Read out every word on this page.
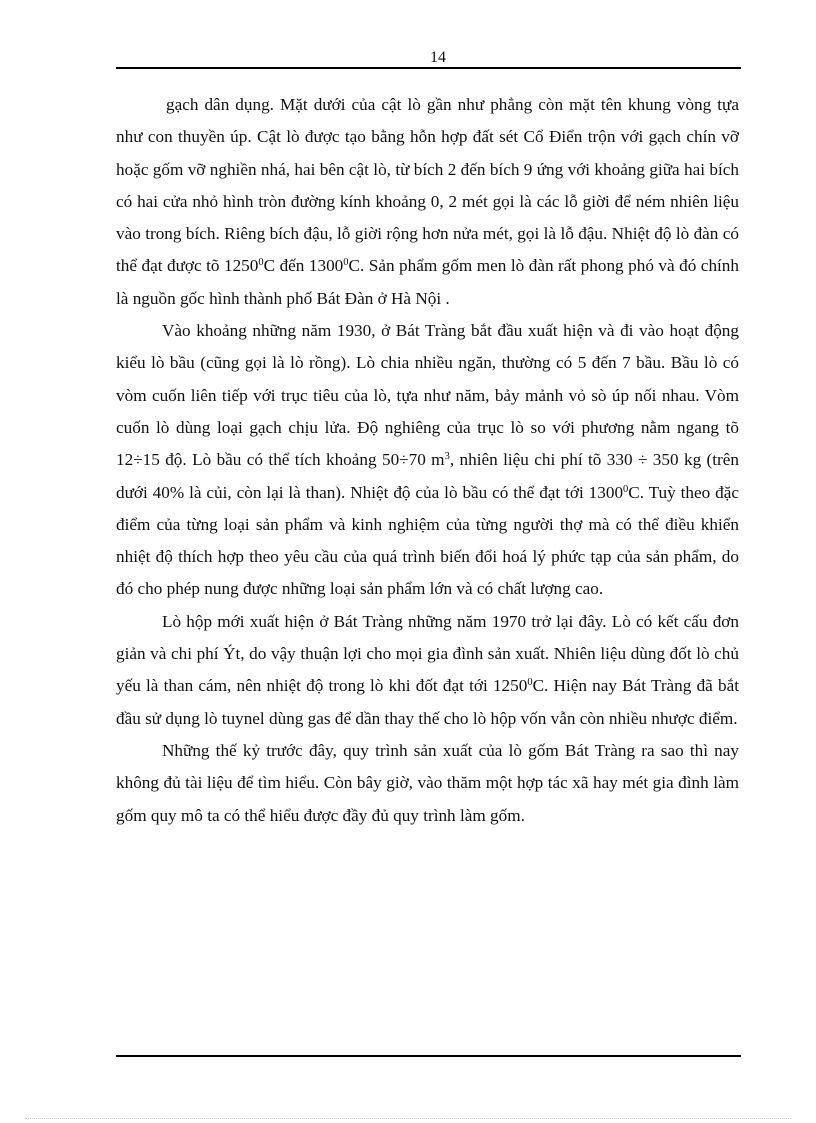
14

gạch dân dụng. Mặt dưới của cật lò gần như phẳng còn mặt tên khung vòng tựa như con thuyền úp. Cật lò được tạo bằng hỗn hợp đất sét Cổ Điển trộn với gạch chín vỡ hoặc gốm vỡ nghiền nhá, hai bên cật lò, từ bích 2 đến bích 9 ứng với khoảng giữa hai bích có hai cửa nhỏ hình tròn đường kính khoảng 0, 2 mét gọi là các lỗ giời để ném nhiên liệu vào trong bích. Riêng bích đậu, lỗ giời rộng hơn nửa mét, gọi là lỗ đậu. Nhiệt độ lò đàn có thể đạt được tõ 1250$^0$C đến 1300$^0$C. Sản phẩm gốm men lò đàn rất phong phó và đó chính là nguồn gốc hình thành phố Bát Đàn ở Hà Nội .

Vào khoảng những năm 1930, ở Bát Tràng bắt đầu xuất hiện và đi vào hoạt động kiểu lò bầu (cũng gọi là lò rồng). Lò chia nhiều ngăn, thường có 5 đến 7 bầu. Bầu lò có vòm cuốn liên tiếp với trục tiêu của lò, tựa như năm, bảy mảnh vỏ sò úp nối nhau. Vòm cuốn lò dùng loại gạch chịu lửa. Độ nghiêng của trục lò so với phương nằm ngang tõ 12÷15 độ. Lò bầu có thể tích khoảng 50÷70 $m^3$, nhiên liệu chi phí tõ 330 ÷ 350 kg (trên dưới 40% là củi, còn lại là than). Nhiệt độ của lò bầu có thể đạt tới 1300$^0$C. Tuỳ theo đặc điểm của từng loại sản phẩm và kinh nghiệm của từng người thợ mà có thể điều khiển nhiệt độ thích hợp theo yêu cầu của quá trình biến đổi hoá lý phức tạp của sản phẩm, do đó cho phép nung được những loại sản phẩm lớn và có chất lượng cao.

Lò hộp mới xuất hiện ở Bát Tràng những năm 1970 trở lại đây. Lò có kết cấu đơn giản và chi phí Ýt, do vậy thuận lợi cho mọi gia đình sản xuất. Nhiên liệu dùng đốt lò chủ yếu là than cám, nên nhiệt độ trong lò khi đốt đạt tới 1250$^0$C. Hiện nay Bát Tràng đã bắt đầu sử dụng lò tuynel dùng gas để dần thay thế cho lò hộp vốn vẫn còn nhiều nhược điểm.

Những thế kỷ trước đây, quy trình sản xuất của lò gốm Bát Tràng ra sao thì nay không đủ tài liệu để tìm hiểu. Còn bây giờ, vào thăm một hợp tác xã hay mét gia đình làm gốm quy mô ta có thể hiểu được đầy đủ quy trình làm gốm.
